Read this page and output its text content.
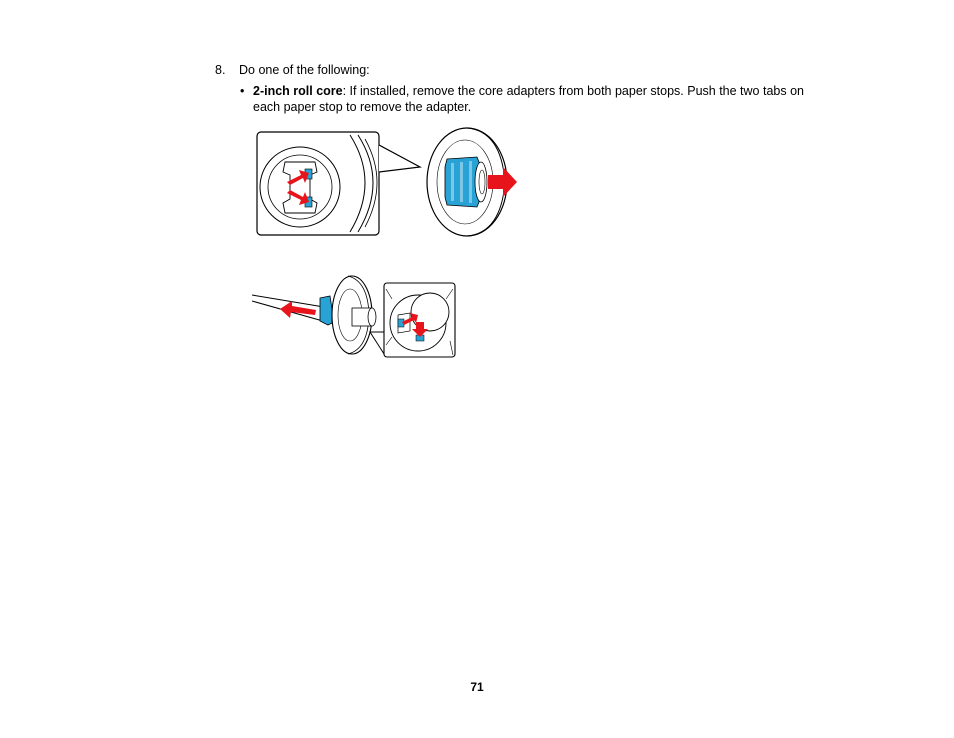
8. Do one of the following:
• 2-inch roll core: If installed, remove the core adapters from both paper stops. Push the two tabs on each paper stop to remove the adapter.
71
